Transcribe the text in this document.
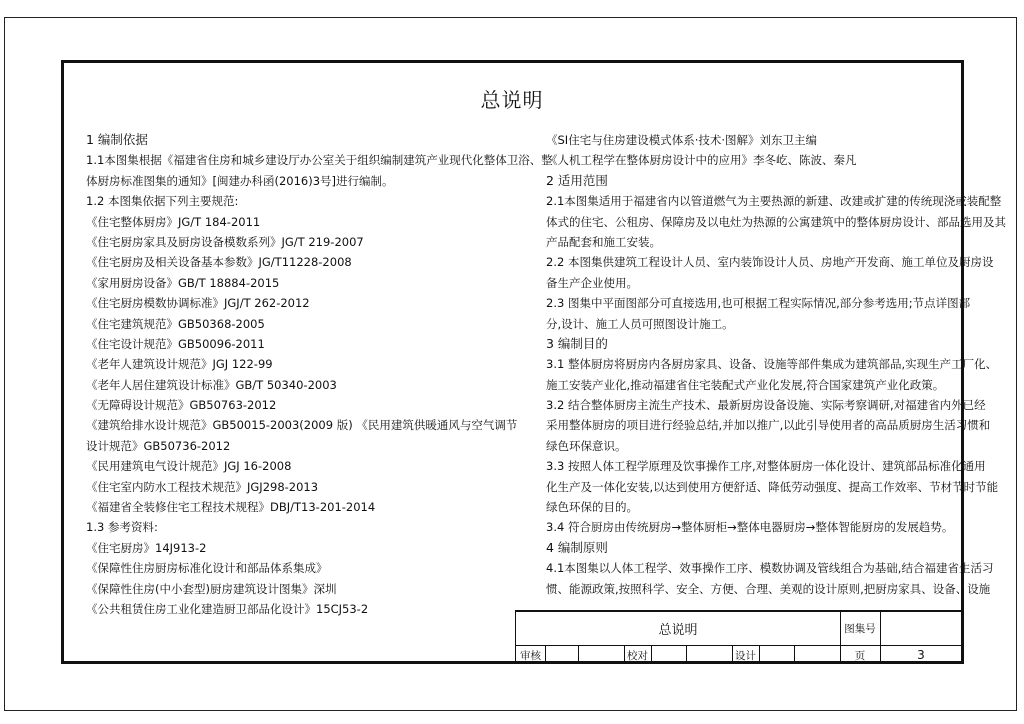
总说明

1 编制依据

1.1本图集根据《福建省住房和城乡建设厅办公室关于组织编制建筑产业现代化整体卫浴、整

体厨房标准图集的通知》[闽建办科函(2016)3号]进行编制。

1.2 本图集依据下列主要规范:

《住宅整体厨房》JG/T 184-2011

《住宅厨房家具及厨房设备模数系列》JG/T 219-2007

《住宅厨房及相关设备基本参数》JG/T11228-2008

《家用厨房设备》GB/T 18884-2015

《住宅厨房模数协调标准》JGJ/T 262-2012

《住宅建筑规范》GB50368-2005

《住宅设计规范》GB50096-2011

《老年人建筑设计规范》JGJ 122-99

《老年人居住建筑设计标准》GB/T 50340-2003

《无障碍设计规范》GB50763-2012

《建筑给排水设计规范》GB50015-2003(2009 版) 《民用建筑供暖通风与空气调节

设计规范》GB50736-2012

《民用建筑电气设计规范》JGJ 16-2008

《住宅室内防水工程技术规范》JGJ298-2013

《福建省全装修住宅工程技术规程》DBJ/T13-201-2014

1.3 参考资料:

《住宅厨房》14J913-2

《保障性住房厨房标准化设计和部品体系集成》

《保障性住房(中小套型)厨房建筑设计图集》深圳

《公共租赁住房工业化建造厨卫部品化设计》15CJ53-2

《SI住宅与住房建设模式体系·技术·图解》刘东卫主编

《人机工程学在整体厨房设计中的应用》李冬屹、陈波、秦凡

2 适用范围

2.1本图集适用于福建省内以管道燃气为主要热源的新建、改建或扩建的传统现浇或装配整

体式的住宅、公租房、保障房及以电灶为热源的公寓建筑中的整体厨房设计、部品选用及其

产品配套和施工安装。

2.2 本图集供建筑工程设计人员、室内装饰设计人员、房地产开发商、施工单位及厨房设

备生产企业使用。

2.3 图集中平面图部分可直接选用,也可根据工程实际情况,部分参考选用;节点详图部

分,设计、施工人员可照图设计施工。

3 编制目的

3.1 整体厨房将厨房内各厨房家具、设备、设施等部件集成为建筑部品,实现生产工厂化、

施工安装产业化,推动福建省住宅装配式产业化发展,符合国家建筑产业化政策。

3.2 结合整体厨房主流生产技术、最新厨房设备设施、实际考察调研,对福建省内外已经

采用整体厨房的项目进行经验总结,并加以推广,以此引导使用者的高品质厨房生活习惯和

绿色环保意识。

3.3 按照人体工程学原理及饮事操作工序,对整体厨房一体化设计、建筑部品标准化通用

化生产及一体化安装,以达到使用方便舒适、降低劳动强度、提高工作效率、节材节时节能

绿色环保的目的。

3.4 符合厨房由传统厨房→整体厨柜→整体电器厨房→整体智能厨房的发展趋势。

4 编制原则

4.1本图集以人体工程学、效事操作工序、模数协调及管线组合为基础,结合福建省生活习

惯、能源政策,按照科学、安全、方便、合理、美观的设计原则,把厨房家具、设备、设施

总说明	图集号
审核	校对	设计	页	3
